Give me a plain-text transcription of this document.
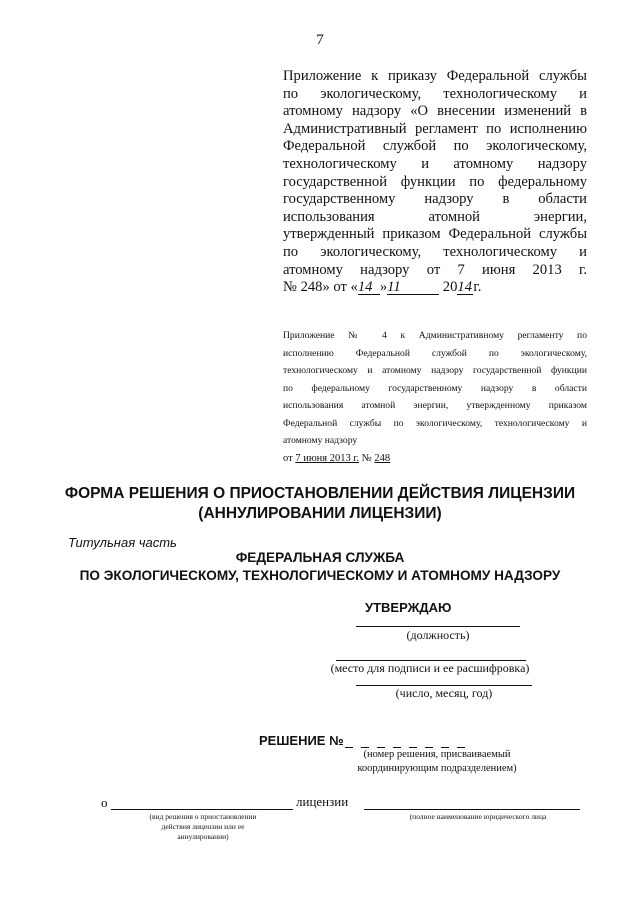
7
Приложение к приказу Федеральной службы
по экологическому, технологическому и
атомному надзору «О внесении изменений в
Административный регламент по исполнению
Федеральной службой по экологическому,
технологическому и атомному надзору
государственной функции по федеральному
государственному надзору в области
использования атомной энергии,
утвержденный приказом Федеральной службы
по экологическому, технологическому и
атомному надзору от 7 июня 2013 г.
№ 248» от «14 »11	2014г.
Приложение № 4 к Административному регламенту по
исполнению Федеральной службой по экологическому,
технологическому и атомному надзору государственной функции
по федеральному государственному надзору в области
использования атомной энергии, утвержденному приказом
Федеральной службы по экологическому, технологическому и
атомному надзору
от 7 июня 2013 г. № 248
ФОРМА РЕШЕНИЯ О ПРИОСТАНОВЛЕНИИ ДЕЙСТВИЯ ЛИЦЕНЗИИ
(АННУЛИРОВАНИИ ЛИЦЕНЗИИ)
Титульная часть
ФЕДЕРАЛЬНАЯ СЛУЖБА
ПО ЭКОЛОГИЧЕСКОМУ, ТЕХНОЛОГИЧЕСКОМУ И АТОМНОМУ НАДЗОРУ
УТВЕРЖДАЮ
(должность)
(место для подписи и ее расшифровка)
(число, месяц, год)
РЕШЕНИЕ №
(номер решения, присваиваемый
координирующим подразделением)
о	лицензии
(вид решения о приостановлении
действия лицензии или ее
аннулировании)
(полное наименование юридического лица
